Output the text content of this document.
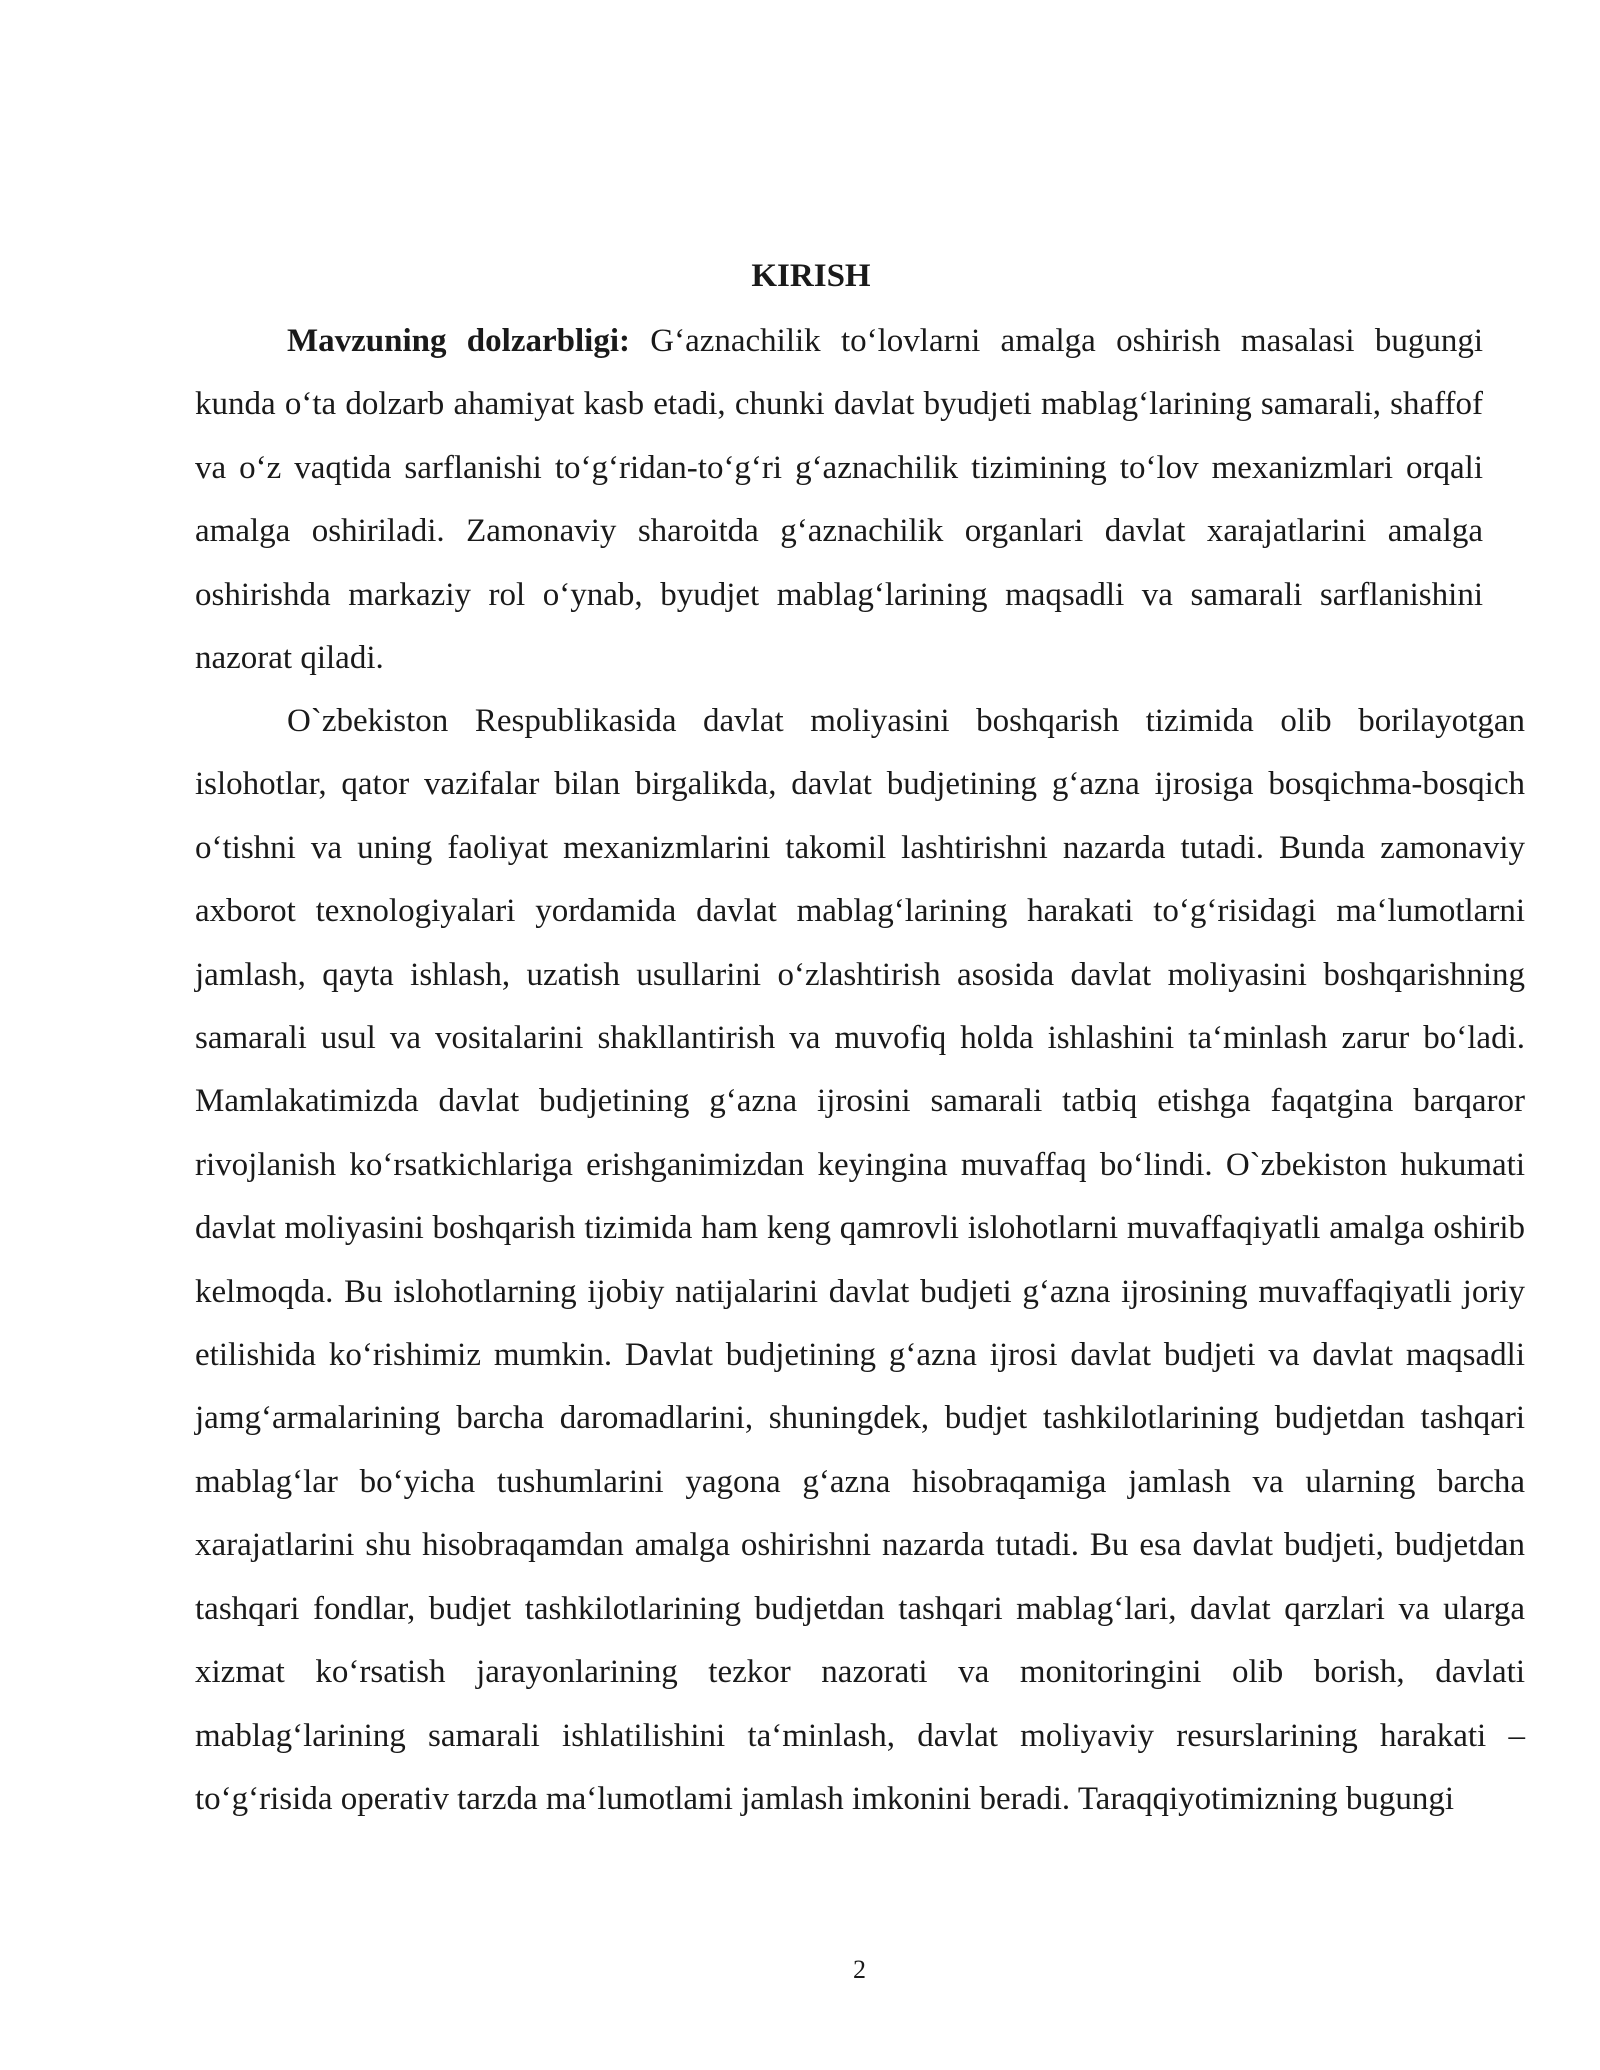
KIRISH

Mavzuning dolzarbligi: G‘aznachilik to‘lovlarni amalga oshirish masalasi bugungi kunda o‘ta dolzarb ahamiyat kasb etadi, chunki davlat byudjeti mablag‘larining samarali, shaffof va o‘z vaqtida sarflanishi to‘g‘ridan-to‘g‘ri g‘aznachilik tizimining to‘lov mexanizmlari orqali amalga oshiriladi. Zamonaviy sharoitda g‘aznachilik organlari davlat xarajatlarini amalga oshirishda markaziy rol o‘ynab, byudjet mablag‘larining maqsadli va samarali sarflanishini nazorat qiladi.

O`zbekiston Respublikasida davlat moliyasini boshqarish tizimida olib borilayotgan islohotlar, qator vazifalar bilan birgalikda, davlat budjetining g‘azna ijrosiga bosqichma-bosqich o‘tishni va uning faoliyat mexanizmlarini takomil lashtirishni nazarda tutadi. Bunda zamonaviy axborot texnologiyalari yordamida davlat mablag‘larining harakati to‘g‘risidagi ma‘lumotlarni jamlash, qayta ishlash, uzatish usullarini o‘zlashtirish asosida davlat moliyasini boshqarishning samarali usul va vositalarini shakllantirish va muvofiq holda ishlashini ta‘minlash zarur bo‘ladi. Mamlakatimizda davlat budjetining g‘azna ijrosini samarali tatbiq etishga faqatgina barqaror rivojlanish ko‘rsatkichlariga erishganimizdan keyingina muvaffaq bo‘lindi. O`zbekiston hukumati davlat moliyasini boshqarish tizimida ham keng qamrovli islohotlarni muvaffaqiyatli amalga oshirib kelmoqda. Bu islohotlarning ijobiy natijalarini davlat budjeti g‘azna ijrosining muvaffaqiyatli joriy etilishida ko‘rishimiz mumkin. Davlat budjetining g‘azna ijrosi davlat budjeti va davlat maqsadli jamg‘armalarining barcha daromadlarini, shuningdek, budjet tashkilotlarining budjetdan tashqari mablag‘lar bo‘yicha tushumlarini yagona g‘azna hisobraqamiga jamlash va ularning barcha xarajatlarini shu hisobraqamdan amalga oshirishni nazarda tutadi. Bu esa davlat budjeti, budjetdan tashqari fondlar, budjet tashkilotlarining budjetdan tashqari mablag‘lari, davlat qarzlari va ularga xizmat ko‘rsatish jarayonlarining tezkor nazorati va monitoringini olib borish, davlati mablag‘larining samarali ishlatilishini ta‘minlash, davlat moliyaviy resurslarining harakati – to‘g‘risida operativ tarzda ma‘lumotlami jamlash imkonini beradi. Taraqqiyotimizning bugungi

2
